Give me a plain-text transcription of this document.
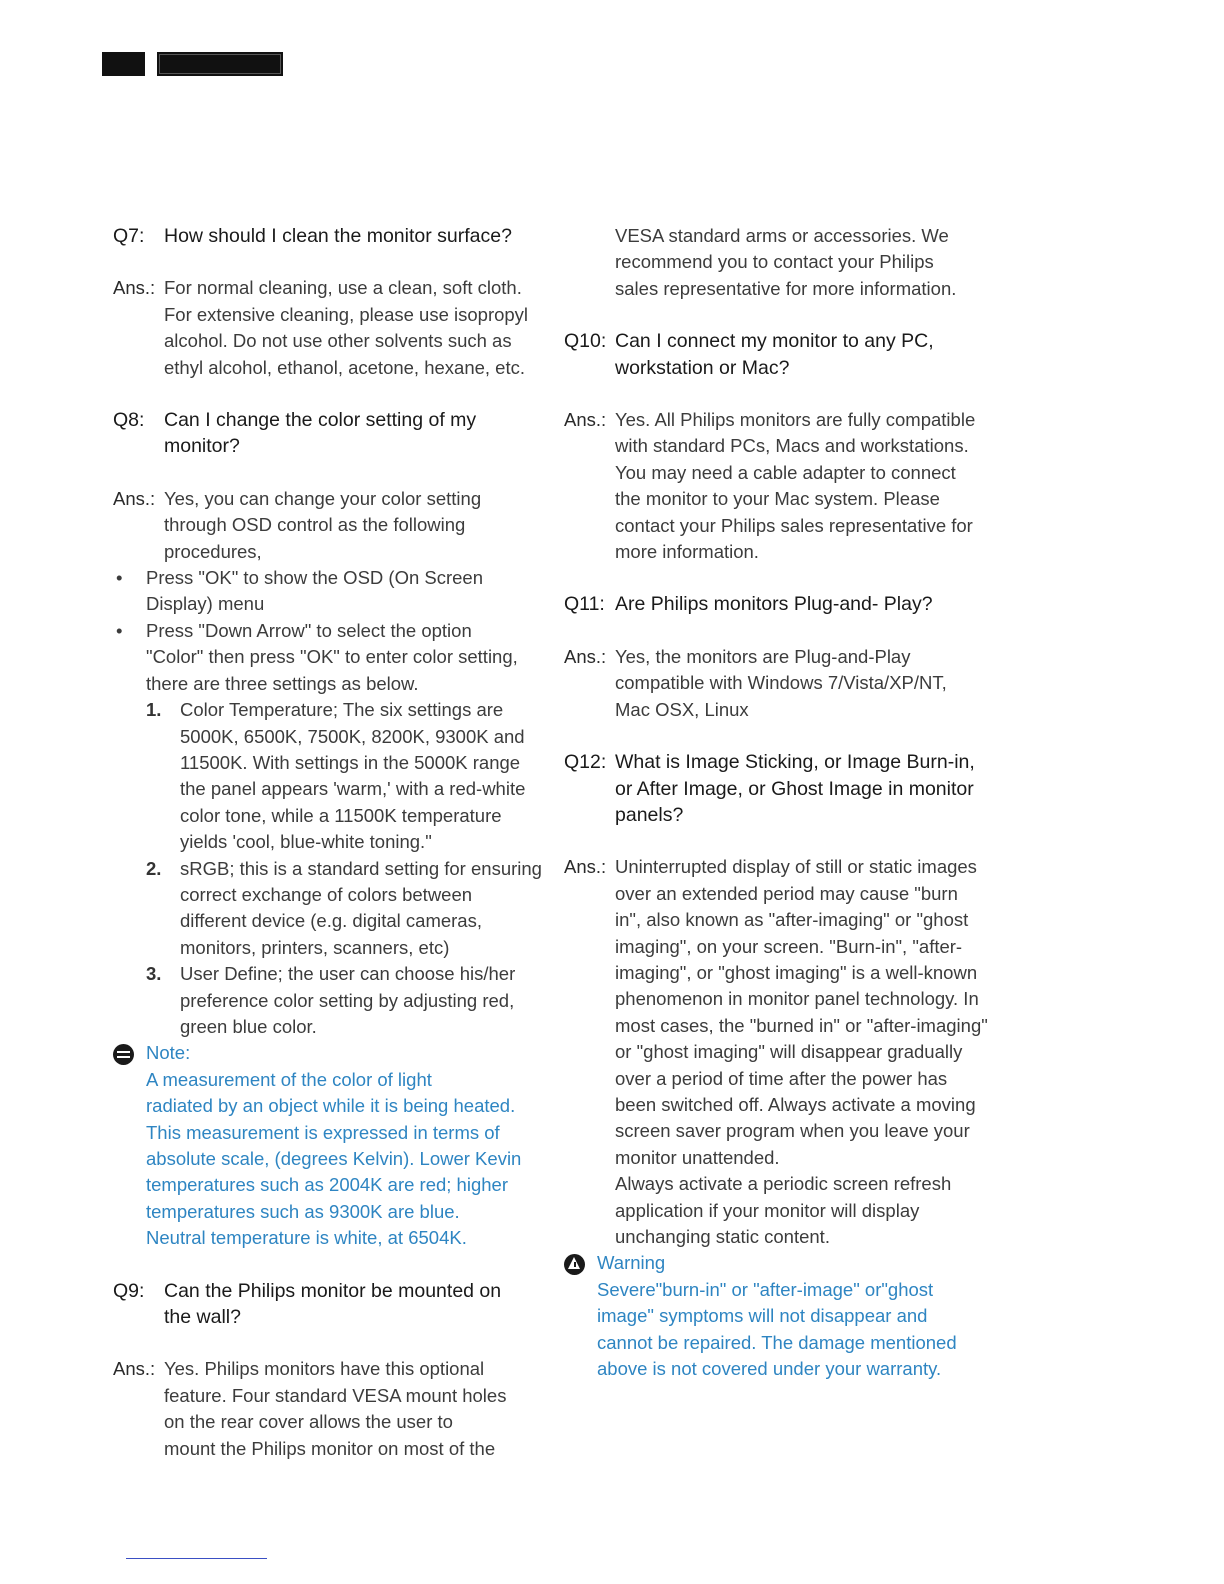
Q7:	How should I clean the monitor surface?
Ans.: For normal cleaning, use a clean, soft cloth.

For extensive cleaning, please use isopropyl

alcohol. Do not use other solvents such as

ethyl alcohol, ethanol, acetone, hexane, etc.

Q8:	Can I change the color setting of my

monitor?

Ans.: Yes, you can change your color setting

through OSD control as the following

procedures,

•	Press "OK" to show the OSD (On Screen

Display) menu

•	Press "Down Arrow" to select the option

"Color" then press "OK" to enter color setting,

there are three settings as below.

1.	Color Temperature; The six settings are

5000K, 6500K, 7500K, 8200K, 9300K and

11500K. With settings in the 5000K range

the panel appears 'warm,' with a red-white

color tone, while a 11500K temperature

yields 'cool, blue-white toning."

2.	sRGB; this is a standard setting for ensuring

correct exchange of colors between

different device (e.g. digital cameras,

monitors, printers, scanners, etc)

3.	User Define; the user can choose his/her

preference color setting by adjusting red,

green blue color.

Note:

A measurement of the color of light

radiated by an object while it is being heated.

This measurement is expressed in terms of

absolute scale, (degrees Kelvin). Lower Kevin

temperatures such as 2004K are red; higher

temperatures such as 9300K are blue.

Neutral temperature is white, at 6504K.

Q9:	Can the Philips monitor be mounted on

the wall?

Ans.: Yes. Philips monitors have this optional

feature. Four standard VESA mount holes

on the rear cover allows the user to

mount the Philips monitor on most of the

VESA standard arms or accessories. We

recommend you to contact your Philips

sales representative for more information.

Q10: Can I connect my monitor to any PC,

workstation or Mac?

Ans.: Yes. All Philips monitors are fully compatible

with standard PCs, Macs and workstations.

You may need a cable adapter to connect

the monitor to your Mac system. Please

contact your Philips sales representative for

more information.

Q11: Are Philips monitors Plug-and- Play?
Ans.: Yes, the monitors are Plug-and-Play

compatible with Windows 7/Vista/XP/NT,

Mac OSX, Linux

Q12: What is Image Sticking, or Image Burn-in,

or After Image, or Ghost Image in monitor

panels?

Ans.: Uninterrupted display of still or static images

over an extended period may cause "burn

in", also known as "after-imaging" or "ghost

imaging", on your screen. "Burn-in", "after-

imaging", or "ghost imaging" is a well-known

phenomenon in monitor panel technology. In

most cases, the "burned in" or "after-imaging"

or "ghost imaging" will disappear gradually

over a period of time after the power has

been switched off. Always activate a moving

screen saver program when you leave your

monitor unattended.

Always activate a periodic screen refresh

application if your monitor will display

unchanging static content.

Warning

Severe"burn-in" or "after-image" or"ghost

image" symptoms will not disappear and

cannot be repaired. The damage mentioned

above is not covered under your warranty.
